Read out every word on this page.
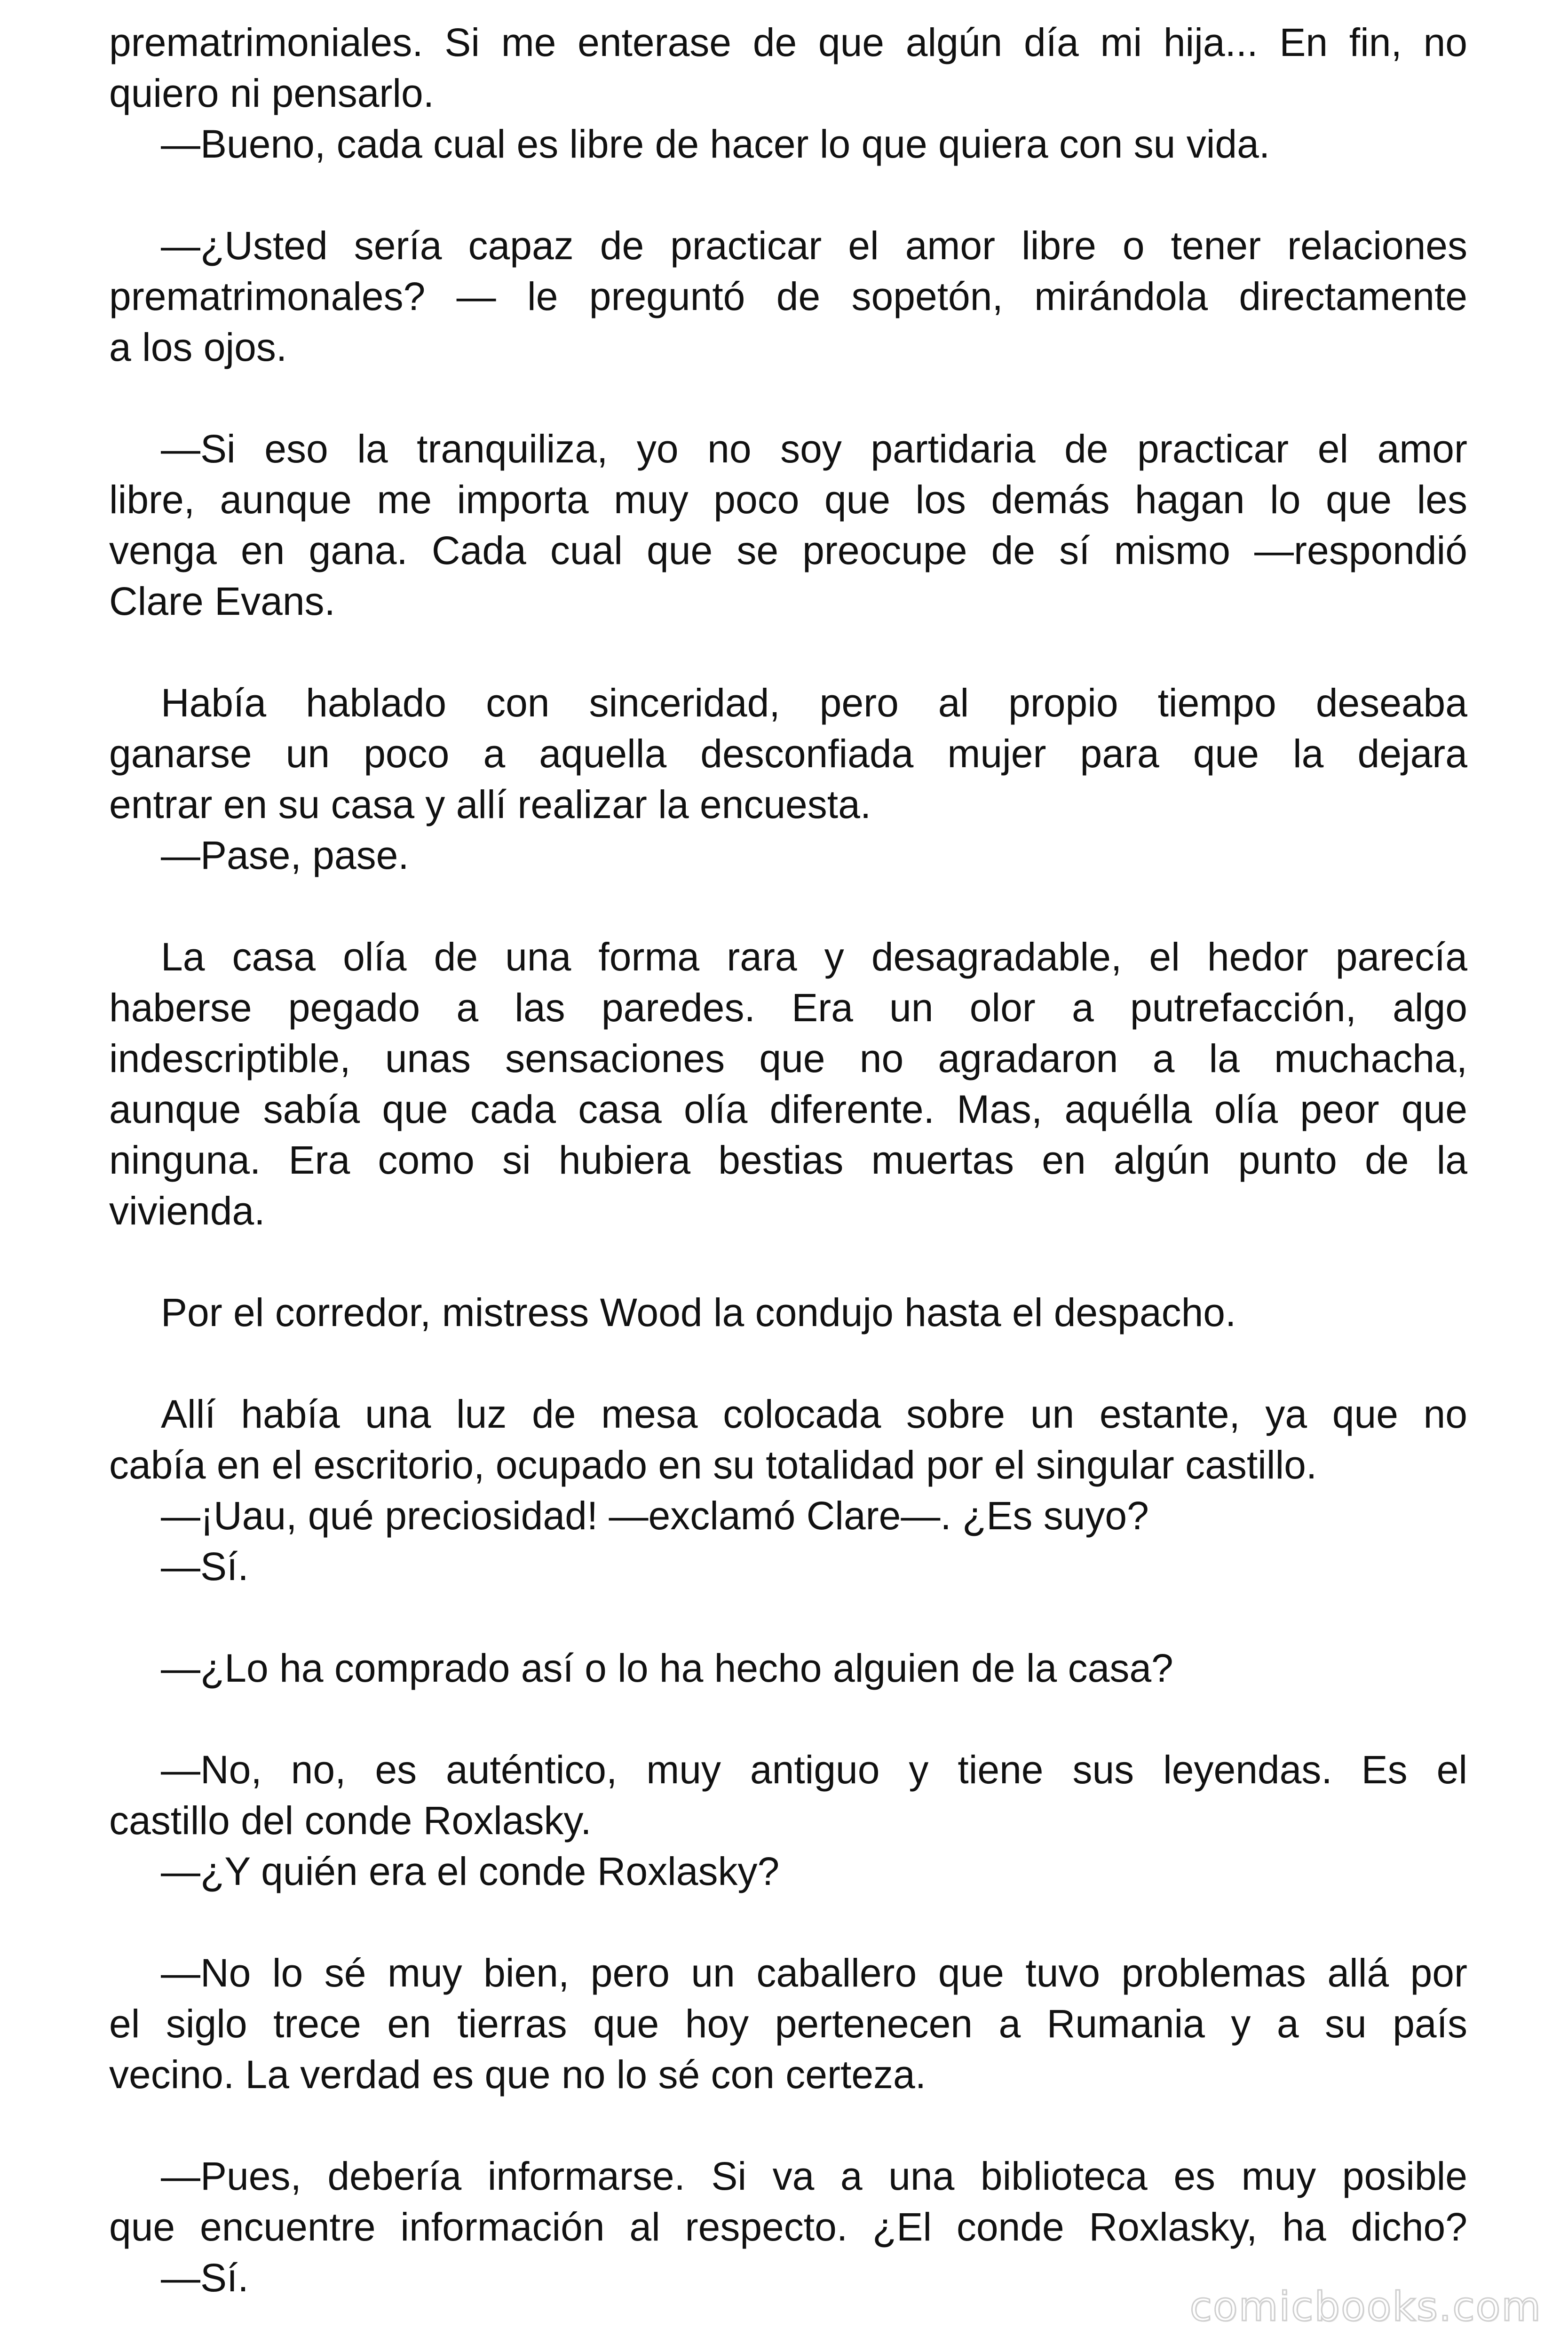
prematrimoniales. Si me enterase de que algún día mi hija... En fin, no
quiero ni pensarlo.
—Bueno, cada cual es libre de hacer lo que quiera con su vida.
—¿Usted sería capaz de practicar el amor libre o tener relaciones
prematrimonales? — le preguntó de sopetón, mirándola directamente
a los ojos.
—Si eso la tranquiliza, yo no soy partidaria de practicar el amor
libre, aunque me importa muy poco que los demás hagan lo que les
venga en gana. Cada cual que se preocupe de sí mismo —respondió
Clare Evans.
Había hablado con sinceridad, pero al propio tiempo deseaba
ganarse un poco a aquella desconfiada mujer para que la dejara
entrar en su casa y allí realizar la encuesta.
—Pase, pase.
La casa olía de una forma rara y desagradable, el hedor parecía
haberse pegado a las paredes. Era un olor a putrefacción, algo
indescriptible, unas sensaciones que no agradaron a la muchacha,
aunque sabía que cada casa olía diferente. Mas, aquélla olía peor que
ninguna. Era como si hubiera bestias muertas en algún punto de la
vivienda.
Por el corredor, mistress Wood la condujo hasta el despacho.
Allí había una luz de mesa colocada sobre un estante, ya que no
cabía en el escritorio, ocupado en su totalidad por el singular castillo.
—¡Uau, qué preciosidad! —exclamó Clare—. ¿Es suyo?
—Sí.
—¿Lo ha comprado así o lo ha hecho alguien de la casa?
—No, no, es auténtico, muy antiguo y tiene sus leyendas. Es el
castillo del conde Roxlasky.
—¿Y quién era el conde Roxlasky?
—No lo sé muy bien, pero un caballero que tuvo problemas allá por
el siglo trece en tierras que hoy pertenecen a Rumania y a su país
vecino. La verdad es que no lo sé con certeza.
—Pues, debería informarse. Si va a una biblioteca es muy posible
que encuentre información al respecto. ¿El conde Roxlasky, ha dicho?
—Sí.
comicbooks.com
